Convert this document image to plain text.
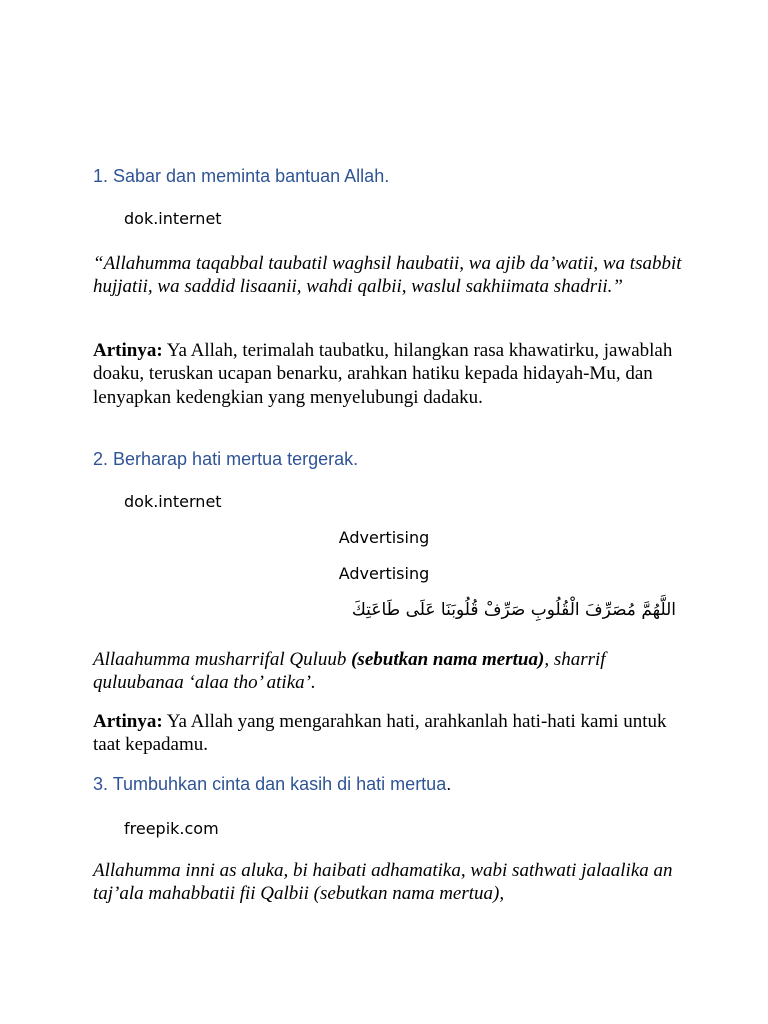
1. Sabar dan meminta bantuan Allah.
dok.internet
“Allahumma taqabbal taubatil waghsil haubatii, wa ajib da’watii, wa tsabbit hujjatii, wa saddid lisaanii, wahdi qalbii, waslul sakhiimata shadrii.”
Artinya: Ya Allah, terimalah taubatku, hilangkan rasa khawatirku, jawablah doaku, teruskan ucapan benarku, arahkan hatiku kepada hidayah-Mu, dan lenyapkan kedengkian yang menyelubungi dadaku.
2. Berharap hati mertua tergerak.
dok.internet
Advertising
Advertising
اللَّهُمَّ مُصَرِّفَ الْقُلُوبِ صَرِّفْ قُلُوبَنَا عَلَى طَاعَتِكَ
Allaahumma musharrifal Quluub (sebutkan nama mertua), sharrif quluubanaa ‘alaa tho’ atika’.
Artinya: Ya Allah yang mengarahkan hati, arahkanlah hati-hati kami untuk taat kepadamu.
3. Tumbuhkan cinta dan kasih di hati mertua.
freepik.com
Allahumma inni as aluka, bi haibati adhamatika, wabi sathwati jalaalika an taj’ala mahabbatii fii Qalbii (sebutkan nama mertua),
